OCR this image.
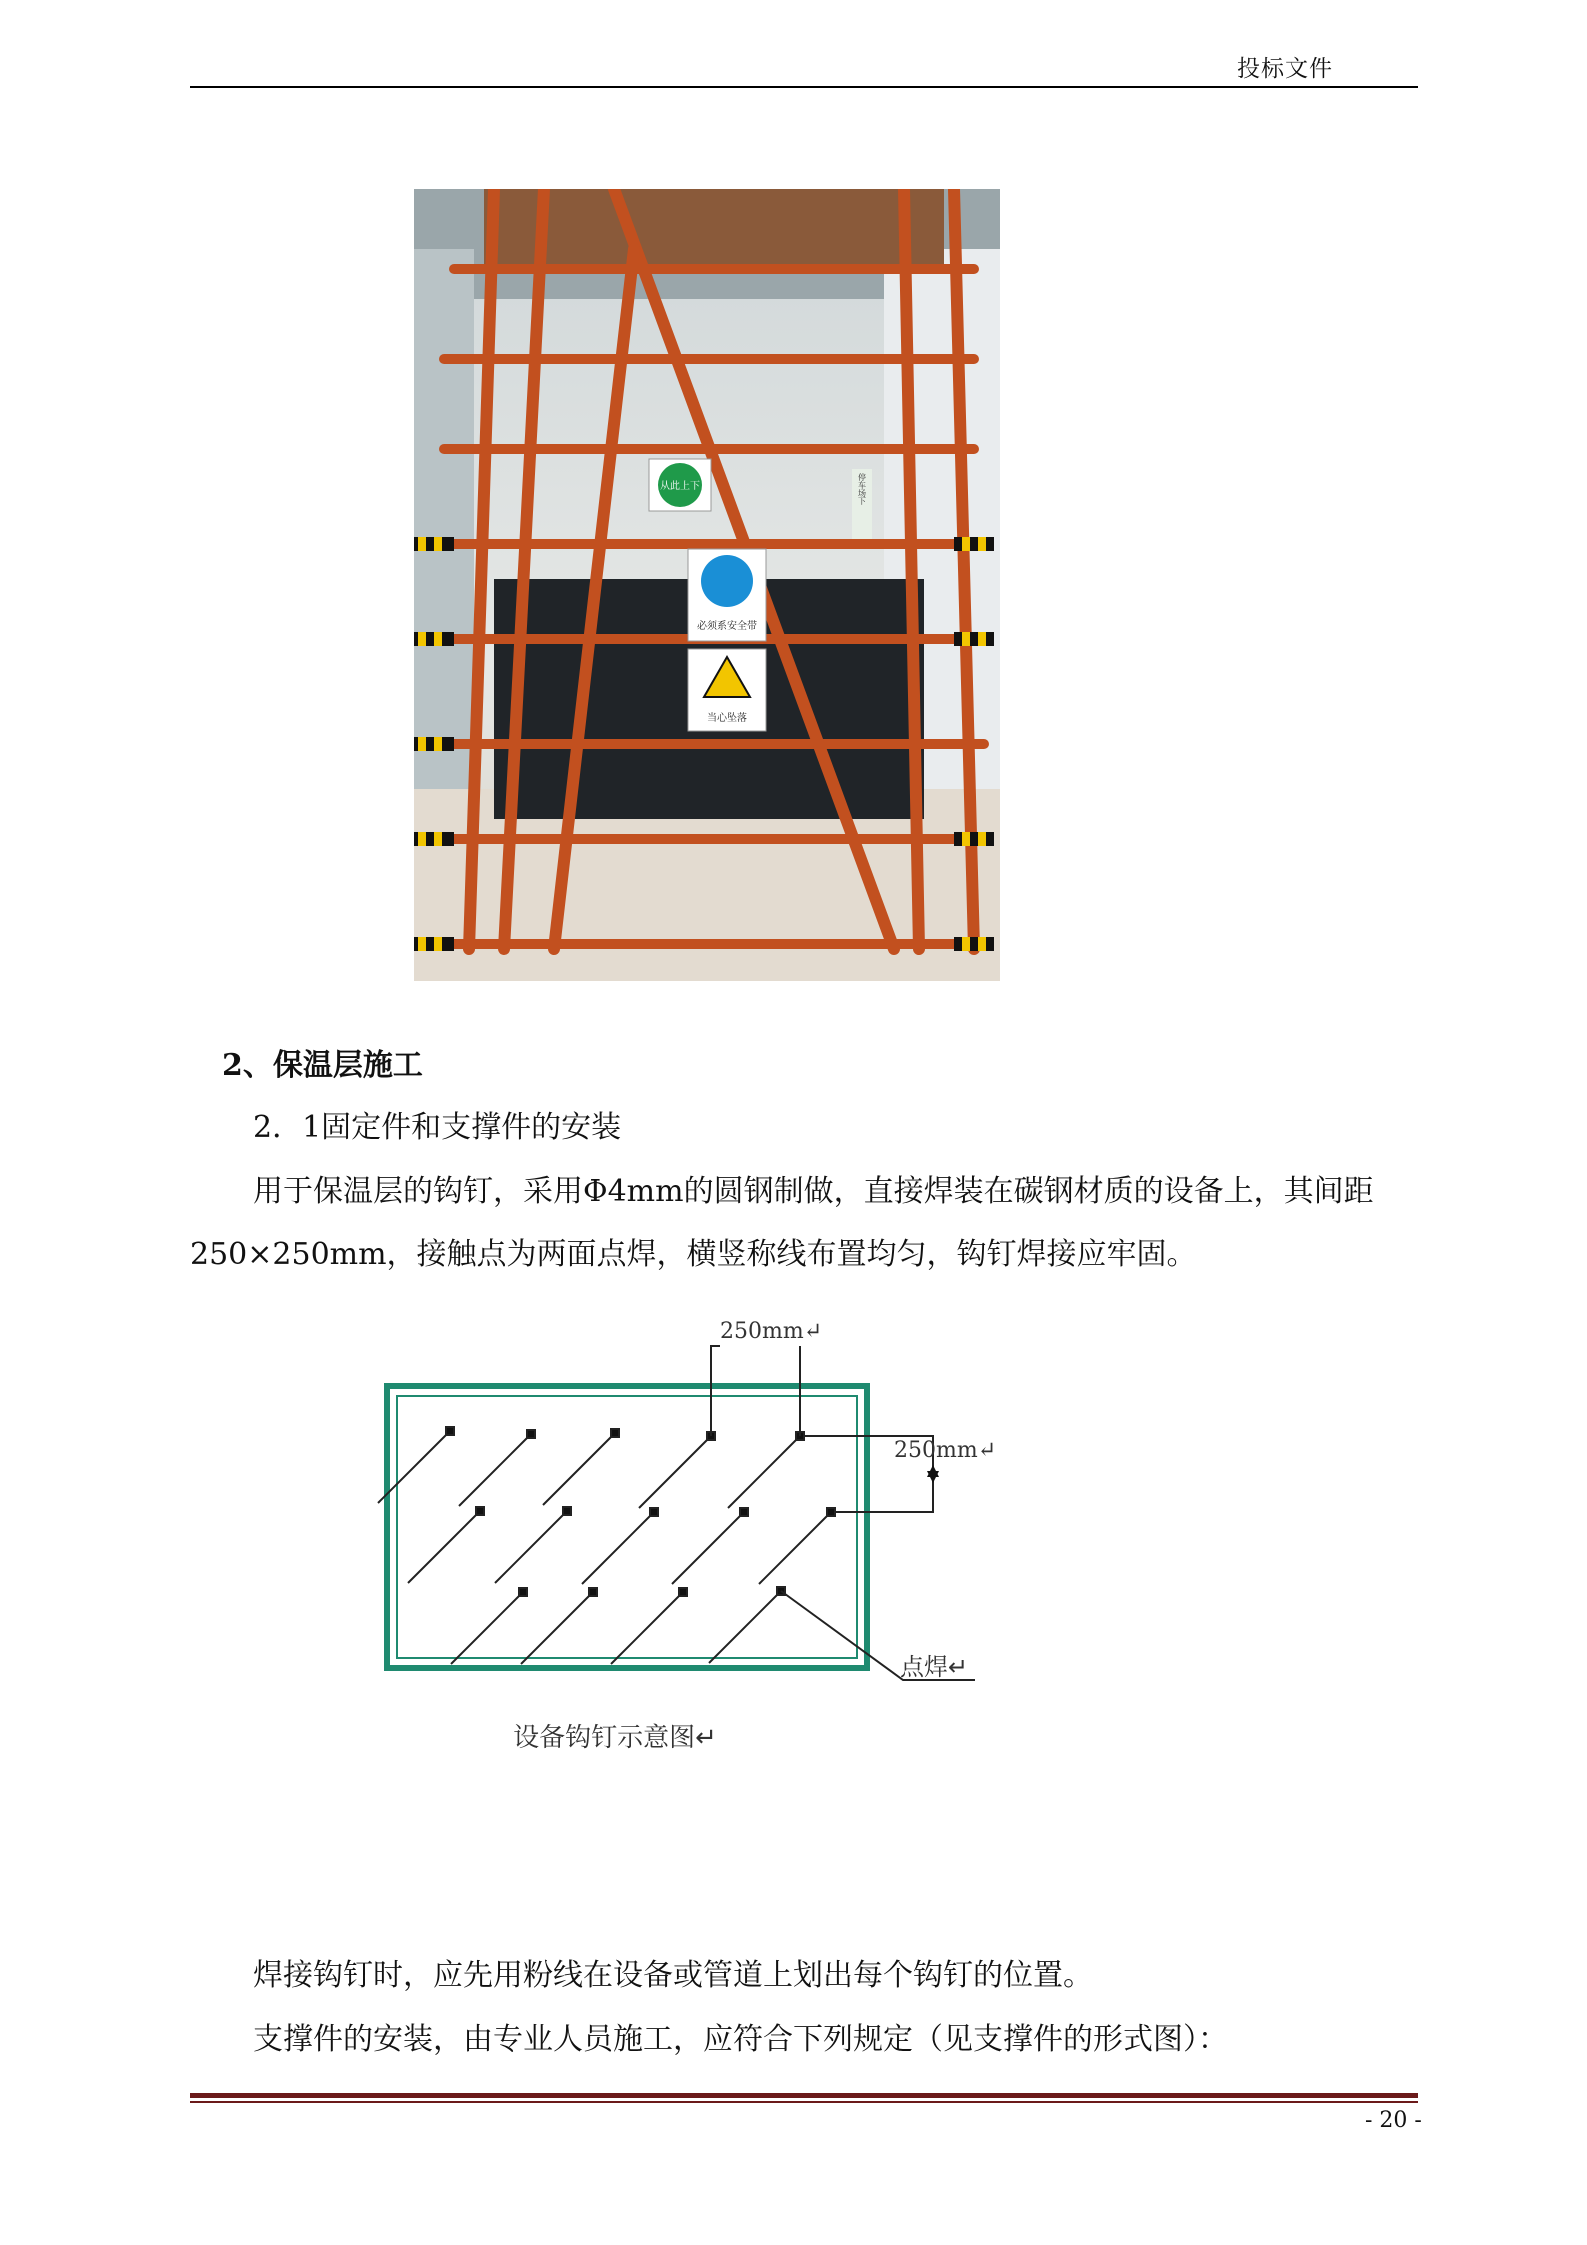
投标文件
从此上下
必须系安全带
当心坠落
停车场下
2、保温层施工
2．1固定件和支撑件的安装
用于保温层的钩钉，采用Φ4mm的圆钢制做，直接焊装在碳钢材质的设备上，其间距250×250mm，接触点为两面点焊，横竖称线布置均匀，钩钉焊接应牢固。
250mm↵
250mm↵
点焊↵
设备钩钉示意图↵
焊接钩钉时，应先用粉线在设备或管道上划出每个钩钉的位置。
支撑件的安装，由专业人员施工，应符合下列规定（见支撑件的形式图）：
- 20 -
